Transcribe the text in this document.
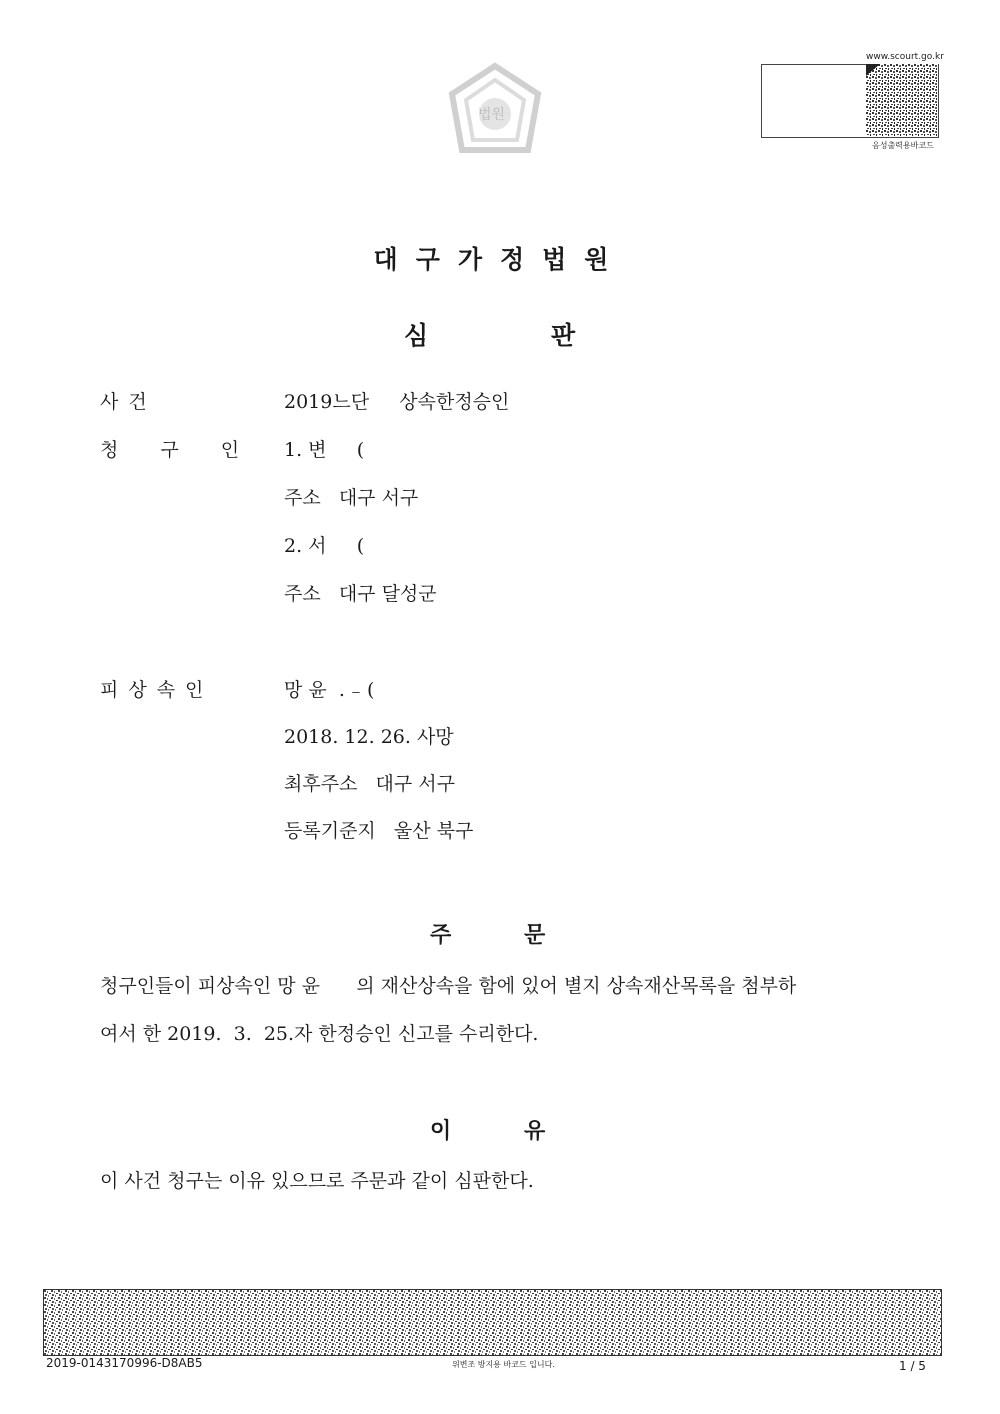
법원
www.scourt.go.kr
음성출력용바코드
대구가정법원
심	판
사 건	2019느단     상속한정승인
청 구 인 1. 변     (
주소   대구 서구
2. 서     (
주소   대구 달성군
피상속인	망 윤  . ₋ (
2018. 12. 26. 사망
최후주소   대구 서구
등록기준지   울산 북구
주	문
청구인들이 피상속인 망 윤      의 재산상속을 함에 있어 별지 상속재산목록을 첨부하
여서 한 2019.  3.  25.자 한정승인 신고를 수리한다.
이	유
이 사건 청구는 이유 있으므로 주문과 같이 심판한다.
2019-0143170996-D8AB5	위변조 방지용 바코드 입니다.	1 / 5
